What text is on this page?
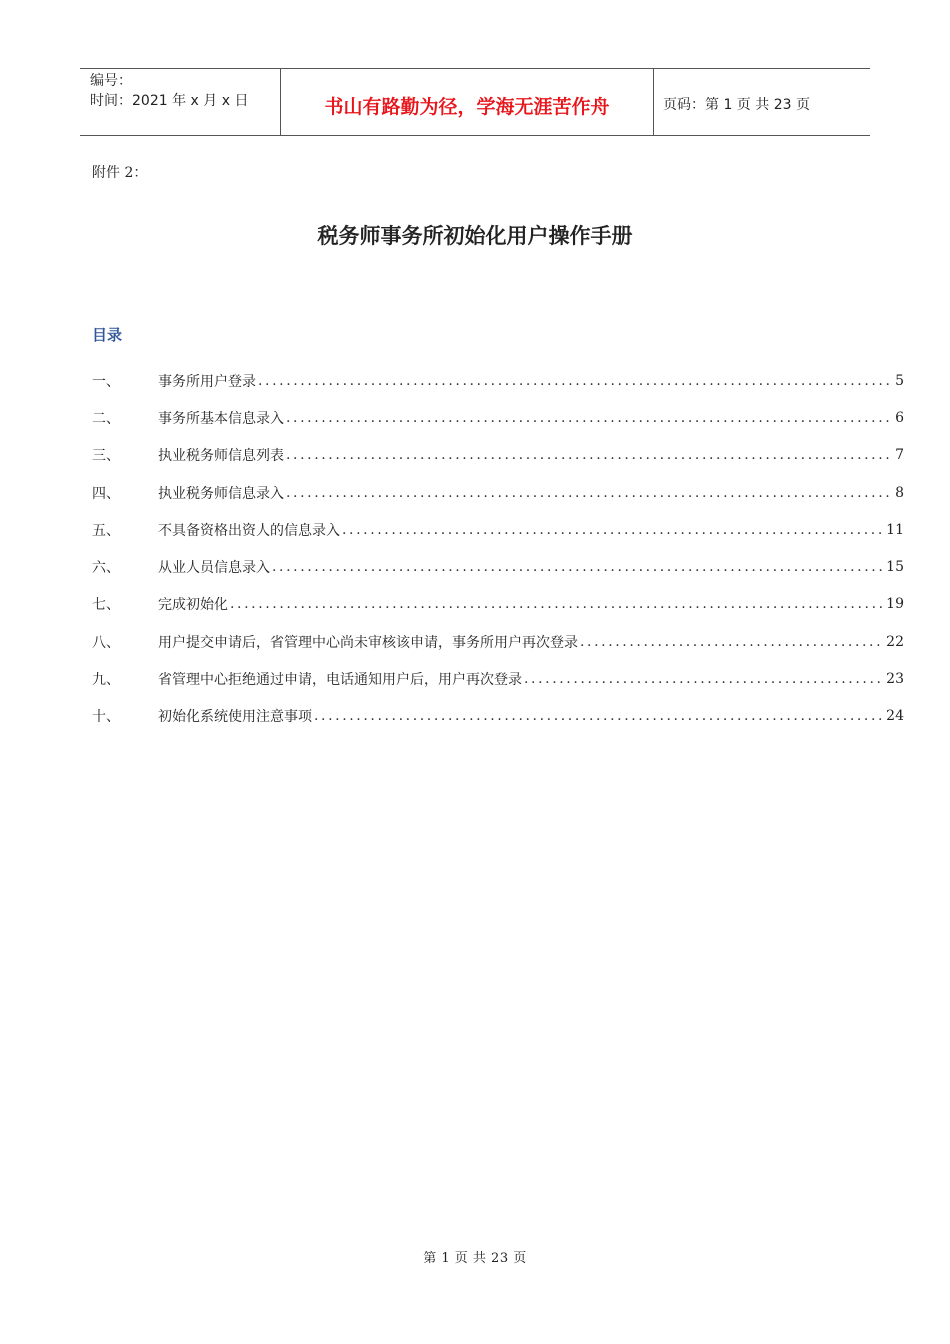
编号：
时间：2021 年 x 月 x 日	书山有路勤为径，学海无涯苦作舟	页码：第 1 页 共 23 页
附件 2：
税务师事务所初始化用户操作手册
目录
一、	事务所用户登录 .....	5
二、	事务所基本信息录入 .....	6
三、	执业税务师信息列表 .....	7
四、	执业税务师信息录入 .....	8
五、	不具备资格出资人的信息录入 .....	11
六、	从业人员信息录入 .....	15
七、	完成初始化 .....	19
八、	用户提交申请后，省管理中心尚未审核该申请，事务所用户再次登录 .....	22
九、	省管理中心拒绝通过申请，电话通知用户后，用户再次登录 .....	23
十、	初始化系统使用注意事项 .....	24
第 1 页 共 23 页
